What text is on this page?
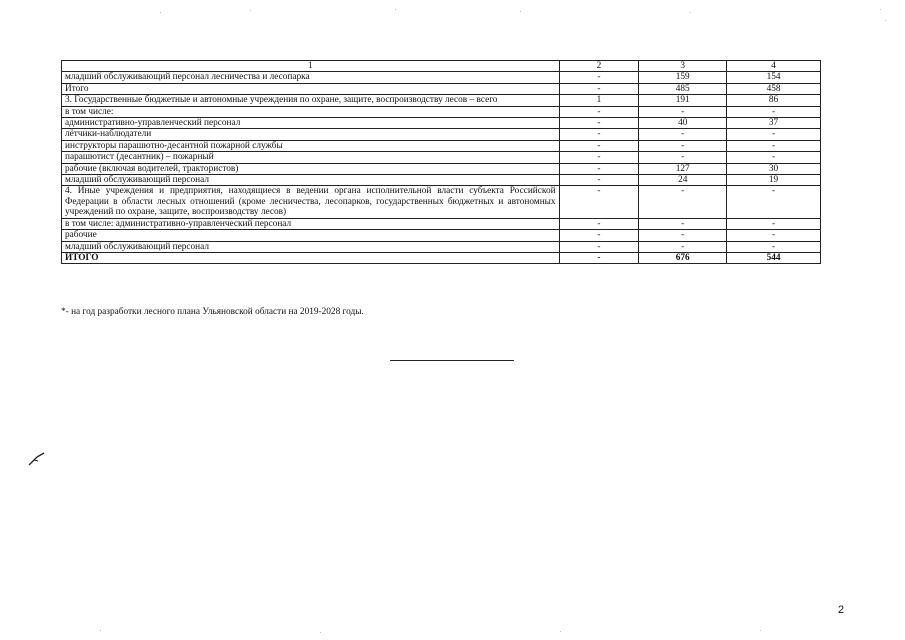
1	2	3	4
младший обслуживающий персонал лесничества и лесопарка	-	159	154
Итого	-	485	458
3. Государственные бюджетные и автономные учреждения по охране, защите, воспроизводству лесов – всего	1	191	86
в том числе:	-	-	-
административно-управленческий персонал	-	40	37
лётчики-наблюдатели	-	-	-
инструкторы парашютно-десантной пожарной службы	-	-	-
парашютист (десантник) – пожарный	-	-	-
рабочие (включая водителей, трактористов)	-	127	30
младший обслуживающий персонал	-	24	19
4. Иные учреждения и предприятия, находящиеся в ведении органа исполнительной власти субъекта Российской Федерации в области лесных отношений (кроме лесничества, лесопарков, государственных бюджетных и автономных учреждений по охране, защите, воспроизводству лесов)	-	-	-
в том числе: административно-управленческий персонал	-	-	-
рабочие	-	-	-
младший обслуживающий персонал	-	-	-
ИТОГО	-	676	544
*- на год разработки лесного плана Ульяновской области на 2019-2028 годы.
2
